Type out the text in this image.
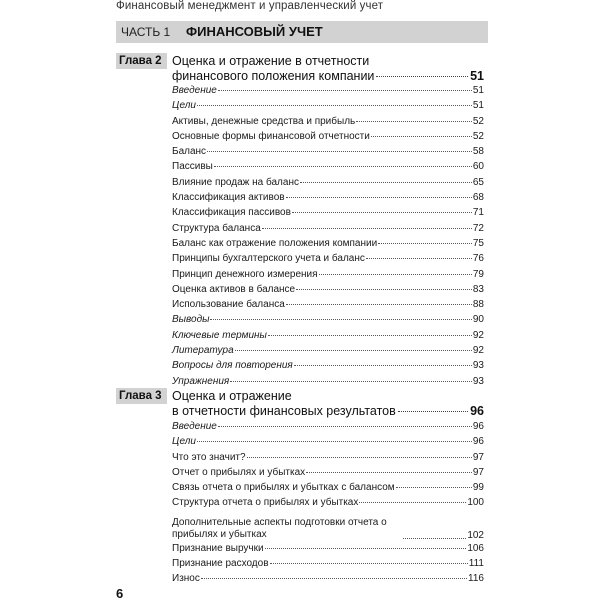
Финансовый менеджмент и управленческий учет
ЧАСТЬ 1 ФИНАНСОВЫЙ УЧЕТ
Глава 2 Оценка и отражение в отчетности
финансового положения компании	51
Введение	51
Цели	51
Активы, денежные средства и прибыль	52
Основные формы финансовой отчетности	52
Баланс	58
Пассивы	60
Влияние продаж на баланс	65
Классификация активов	68
Классификация пассивов	71
Структура баланса	72
Баланс как отражение положения компании	75
Принципы бухгалтерского учета и баланс	76
Принцип денежного измерения	79
Оценка активов в балансе	83
Использование баланса	88
Выводы	90
Ключевые термины	92
Литература	92
Вопросы для повторения	93
Упражнения	93
Глава 3 Оценка и отражение
в отчетности финансовых результатов	96
Введение	96
Цели	96
Что это значит?	97
Отчет о прибылях и убытках	97
Связь отчета о прибылях и убытках с балансом	99
Структура отчета о прибылях и убытках	100
Дополнительные аспекты подготовки отчета о прибылях и убытках	102
Признание выручки	106
Признание расходов	111
Износ	116
6
